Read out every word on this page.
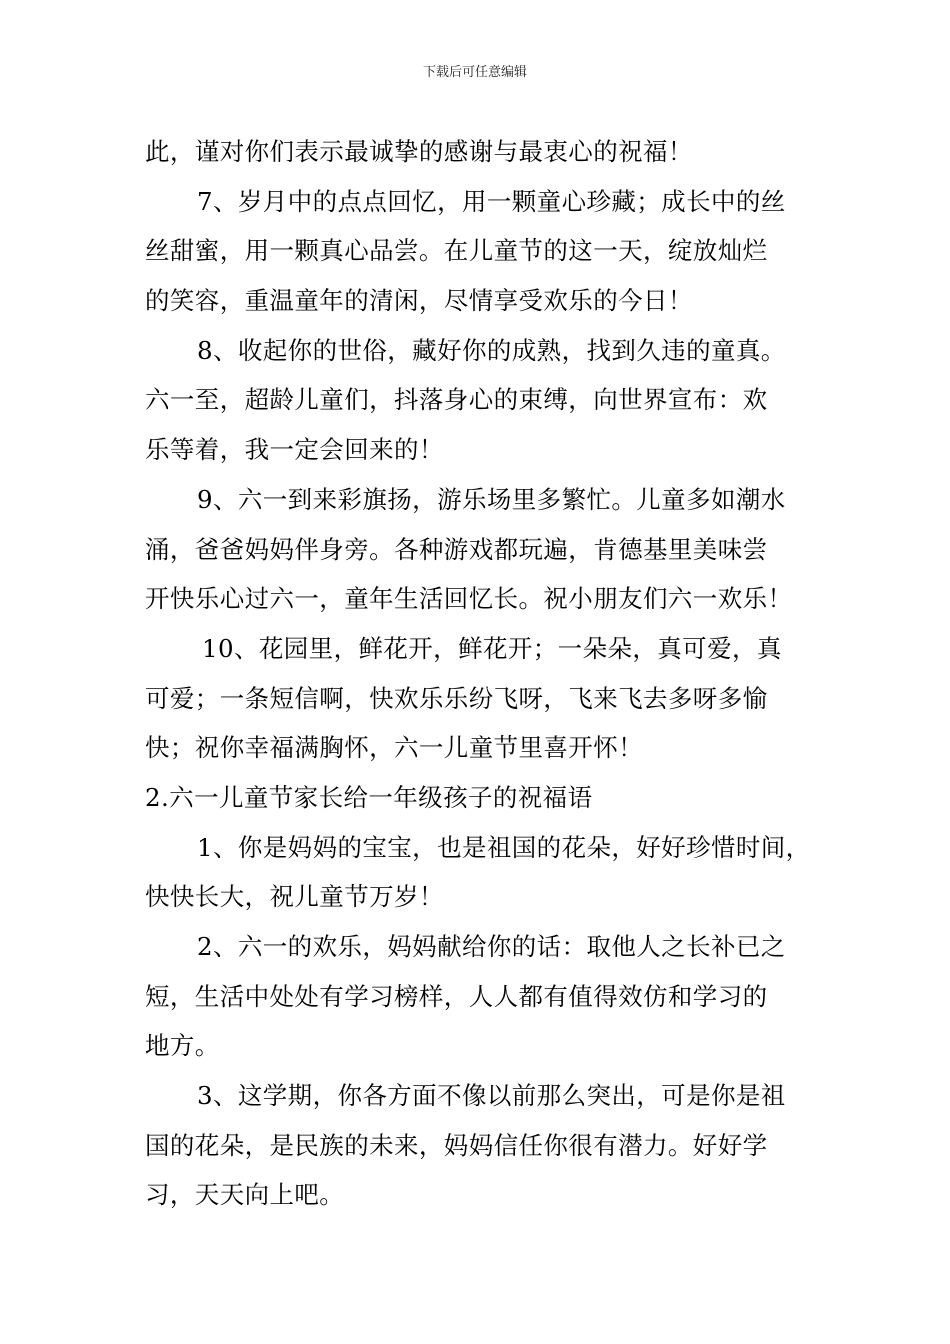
下载后可任意编辑
此，谨对你们表示最诚挚的感谢与最衷心的祝福！
7、岁月中的点点回忆，用一颗童心珍藏；成长中的丝
丝甜蜜，用一颗真心品尝。在儿童节的这一天，绽放灿烂
的笑容，重温童年的清闲，尽情享受欢乐的今日！
8、收起你的世俗，藏好你的成熟，找到久违的童真。
六一至，超龄儿童们，抖落身心的束缚，向世界宣布：欢
乐等着，我一定会回来的！
9、六一到来彩旗扬，游乐场里多繁忙。儿童多如潮水
涌，爸爸妈妈伴身旁。各种游戏都玩遍，肯德基里美味尝
开快乐心过六一，童年生活回忆长。祝小朋友们六一欢乐！
10、花园里，鲜花开，鲜花开；一朵朵，真可爱，真
可爱；一条短信啊，快欢乐乐纷飞呀，飞来飞去多呀多愉
快；祝你幸福满胸怀，六一儿童节里喜开怀！
2.六一儿童节家长给一年级孩子的祝福语
1、你是妈妈的宝宝，也是祖国的花朵，好好珍惜时间，
快快长大，祝儿童节万岁！
2、六一的欢乐，妈妈献给你的话：取他人之长补已之
短，生活中处处有学习榜样，人人都有值得效仿和学习的
地方。
3、这学期，你各方面不像以前那么突出，可是你是祖
国的花朵，是民族的未来，妈妈信任你很有潜力。好好学
习，天天向上吧。
